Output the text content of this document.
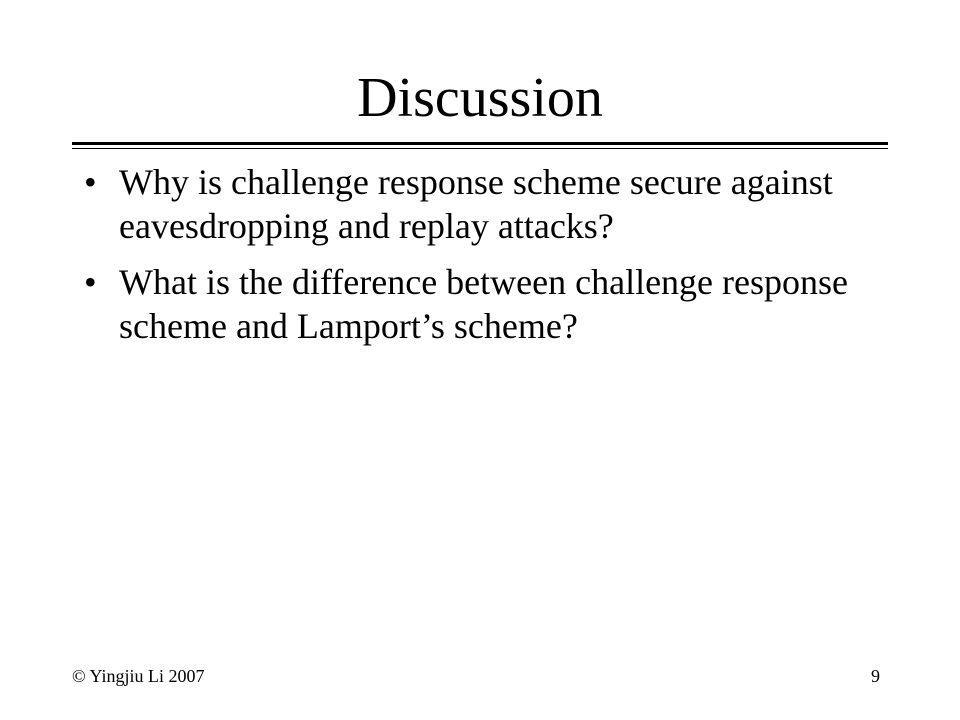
Discussion
• Why is challenge response scheme secure against eavesdropping and replay attacks?
• What is the difference between challenge response scheme and Lamport’s scheme?
© Yingjiu Li 2007	9
